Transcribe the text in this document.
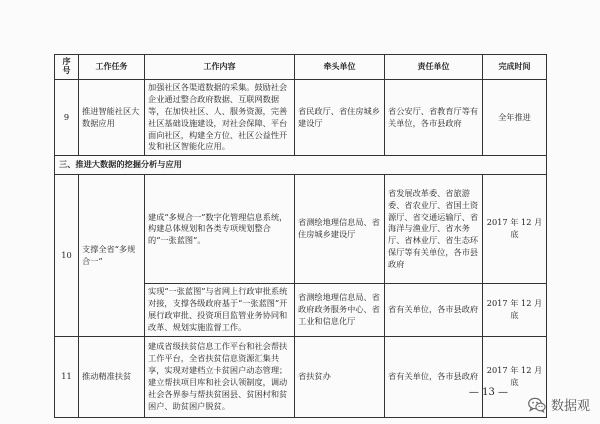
序
号	工作任务	工作内容	牵头单位	责任单位	完成时间
9	推进智能社区大数据应用	加强社区各渠道数据的采集。鼓励社会企业通过整合政府数据、互联网数据等，在加快社区、人、服务资源，完善社区基础设施建设，对社会保障、平台面向社区，构建全方位、社区公益性开发和社区智能化应用。	省民政厅、省住房城乡建设厅	省公安厅、省教育厅等有关单位，各市县政府	全年推进
三、推进大数据的挖掘分析与应用					
10	支撑全省“多规合一”	建成“多规合一”数字化管理信息系统，构建总体规划和各类专项规划整合的“一张蓝图”。	省测绘地理信息局、省住房城乡建设厅	省发展改革委、省旅游委、省农业厅、省国土资源厅、省交通运输厅、省海洋与渔业厅、省水务厅、省林业厅、省生态环保厅等有关单位，各市县政府	2017 年 12 月底
		实现“一张蓝图”与省网上行政审批系统对接，支撑各级政府基于“一张蓝图”开展行政审批、投资项目监管业务协同和改革、规划实施监督工作。	省测绘地理信息局、省政府政务服务中心、省工业和信息化厅	省有关单位，各市县政府	2017 年 12 月底
11	推动精准扶贫	建成省级扶贫信息工作平台和社会帮扶工作平台，全省扶贫信息资源汇集共享，实现对建档立卡贫困户动态管理；建立帮扶项目库和社会认领制度，调动社会各界参与帮扶贫困县、贫困村和贫困户、助贫困户脱贫。	省扶贫办	省有关单位，各市县政府	2017 年 12 月底
— 13 —
数据观
